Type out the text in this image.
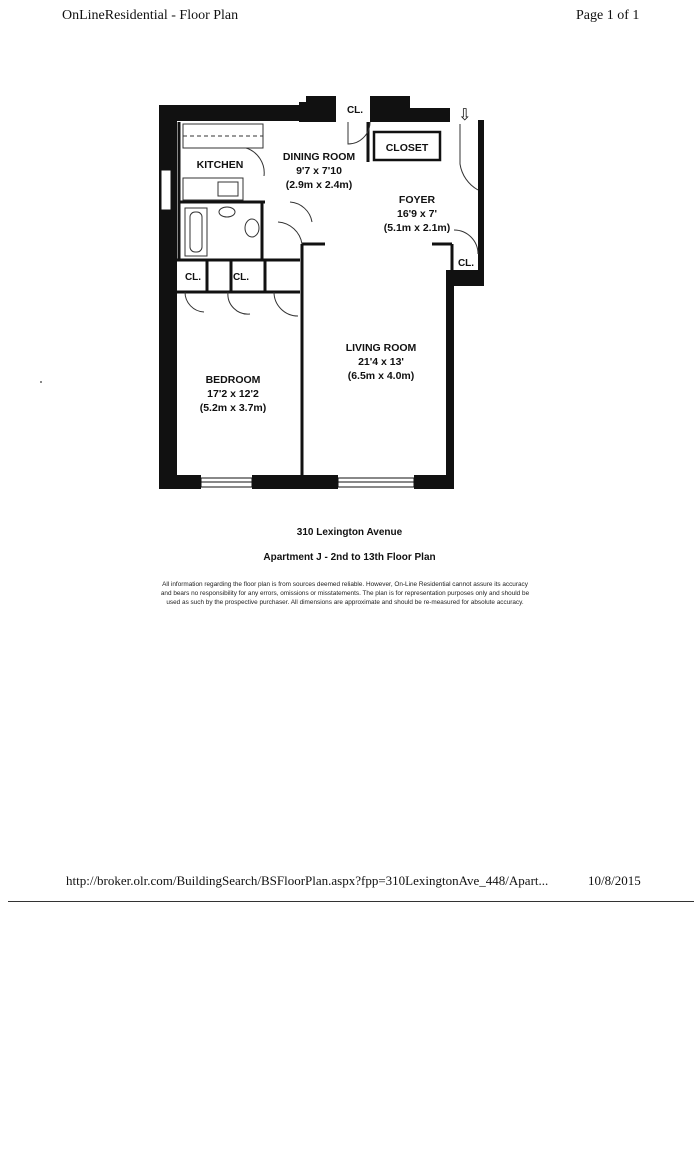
OnLineResidential - Floor Plan	Page 1 of 1
⇩
KITCHEN
DINING ROOM
9'7 x 7'10
(2.9m x 2.4m)
FOYER
16'9 x 7'
(5.1m x 2.1m)
LIVING ROOM
21'4 x 13'
(6.5m x 4.0m)
BEDROOM
17'2 x 12'2
(5.2m x 3.7m)
CLOSET
CL.
CL.	CL.
CL.
310 Lexington Avenue
Apartment J - 2nd to 13th Floor Plan
All information regarding the floor plan is from sources deemed reliable. However, On-Line Residential cannot assure its accuracy
and bears no responsibility for any errors, omissions or misstatements. The plan is for representation purposes only and should be
used as such by the prospective purchaser. All dimensions are approximate and should be re-measured for absolute accuracy.
http://broker.olr.com/BuildingSearch/BSFloorPlan.aspx?fpp=310LexingtonAve_448/Apart...	10/8/2015
